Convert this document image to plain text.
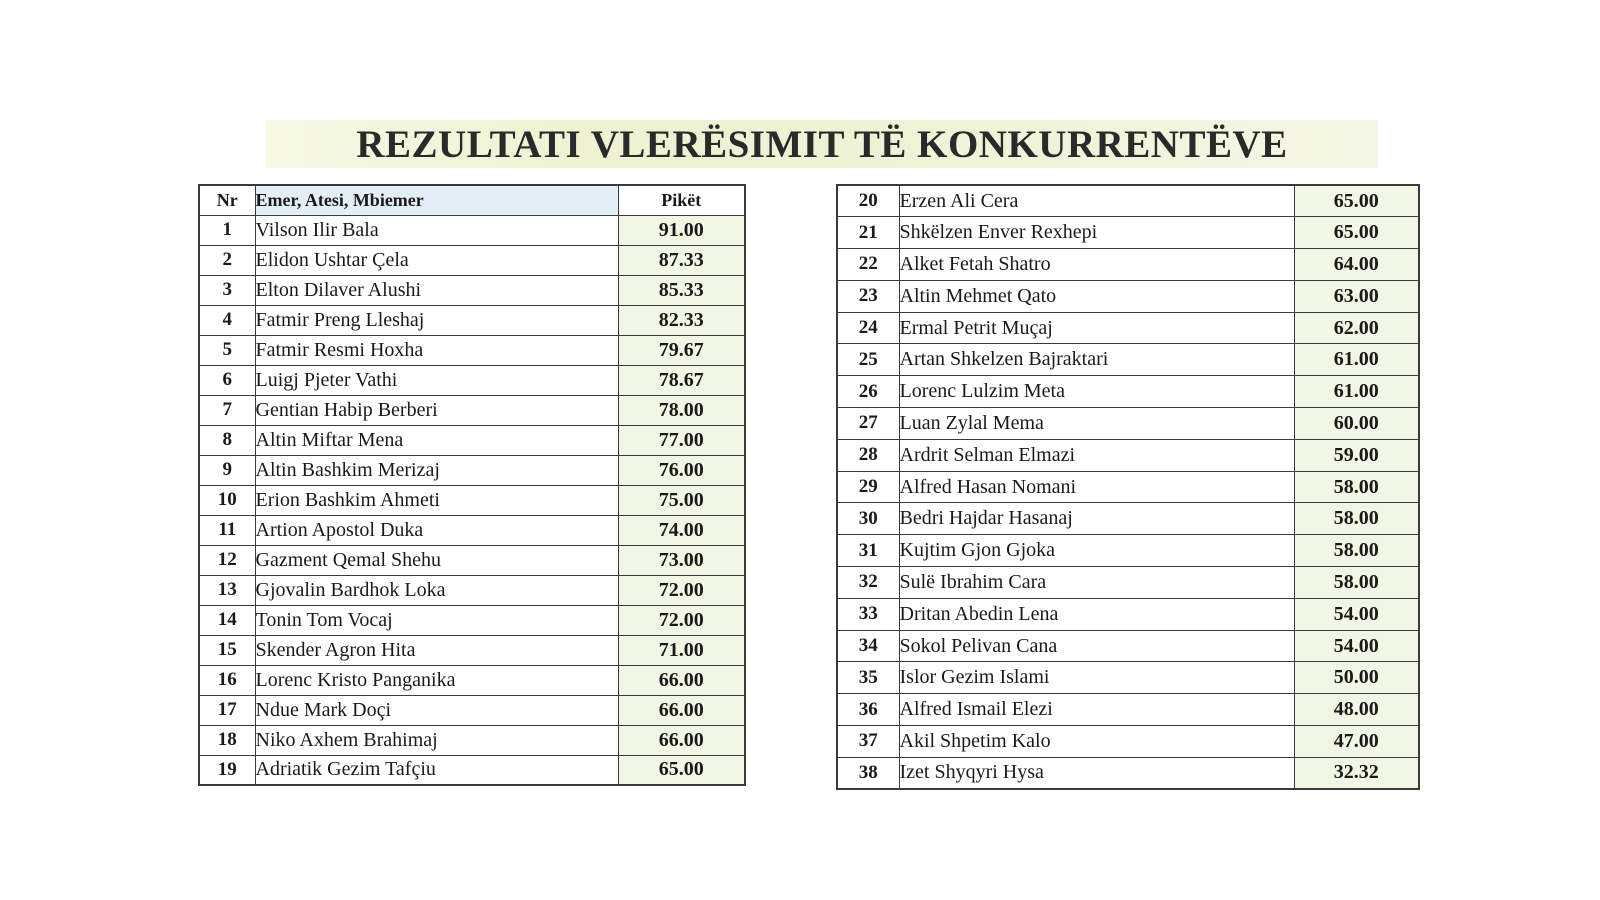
REZULTATI VLERËSIMIT TË KONKURRENTËVE
Nr	Emer, Atesi, Mbiemer	Pikët
1	Vilson Ilir Bala	91.00
2	Elidon Ushtar Çela	87.33
3	Elton Dilaver Alushi	85.33
4	Fatmir Preng Lleshaj	82.33
5	Fatmir Resmi Hoxha	79.67
6	Luigj Pjeter Vathi	78.67
7	Gentian Habip Berberi	78.00
8	Altin Miftar Mena	77.00
9	Altin Bashkim Merizaj	76.00
10	Erion Bashkim Ahmeti	75.00
11	Artion Apostol Duka	74.00
12	Gazment Qemal Shehu	73.00
13	Gjovalin Bardhok Loka	72.00
14	Tonin Tom Vocaj	72.00
15	Skender Agron Hita	71.00
16	Lorenc Kristo Panganika	66.00
17	Ndue Mark Doçi	66.00
18	Niko Axhem Brahimaj	66.00
19	Adriatik Gezim Tafçiu	65.00
20	Erzen Ali Cera	65.00
21	Shkëlzen Enver Rexhepi	65.00
22	Alket Fetah Shatro	64.00
23	Altin Mehmet Qato	63.00
24	Ermal Petrit Muçaj	62.00
25	Artan Shkelzen Bajraktari	61.00
26	Lorenc Lulzim Meta	61.00
27	Luan Zylal Mema	60.00
28	Ardrit Selman Elmazi	59.00
29	Alfred Hasan Nomani	58.00
30	Bedri Hajdar Hasanaj	58.00
31	Kujtim Gjon Gjoka	58.00
32	Sulë Ibrahim Cara	58.00
33	Dritan Abedin Lena	54.00
34	Sokol Pelivan Cana	54.00
35	Islor Gezim Islami	50.00
36	Alfred Ismail Elezi	48.00
37	Akil Shpetim Kalo	47.00
38	Izet Shyqyri Hysa	32.32
